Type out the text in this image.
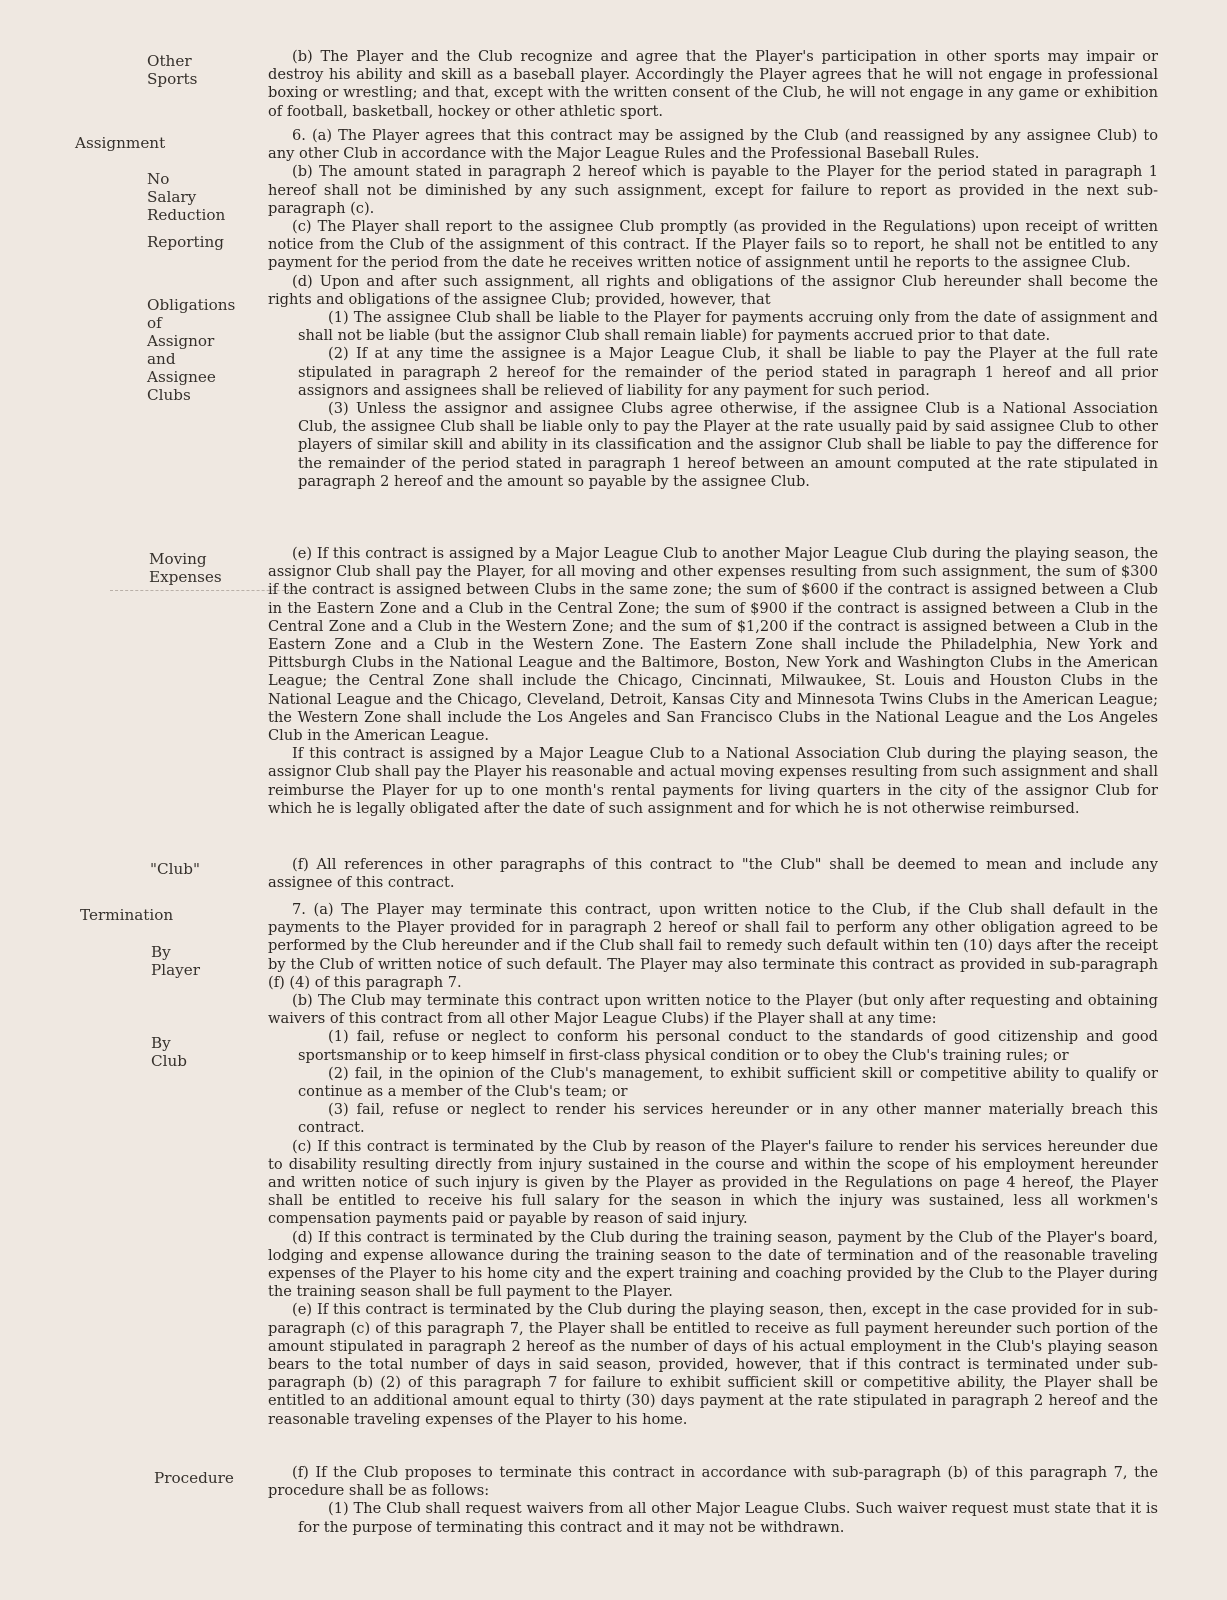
Other
Sports
Assignment
No
Salary
Reduction
Reporting
Obligations
of
Assignor
and
Assignee
Clubs
Moving
Expenses
"Club"
Termination
By
Player
By
Club
Procedure

(b) The Player and the Club recognize and agree that the Player's participation in other sports may impair or destroy his ability and skill as a baseball player. Accordingly the Player agrees that he will not engage in professional boxing or wrestling; and that, except with the written consent of the Club, he will not engage in any game or exhibition of football, basketball, hockey or other athletic sport.

6. (a) The Player agrees that this contract may be assigned by the Club (and reassigned by any assignee Club) to any other Club in accordance with the Major League Rules and the Professional Baseball Rules.

(b) The amount stated in paragraph 2 hereof which is payable to the Player for the period stated in paragraph 1 hereof shall not be diminished by any such assignment, except for failure to report as provided in the next sub-paragraph (c).

(c) The Player shall report to the assignee Club promptly (as provided in the Regulations) upon receipt of written notice from the Club of the assignment of this contract. If the Player fails so to report, he shall not be entitled to any payment for the period from the date he receives written notice of assignment until he reports to the assignee Club.

(d) Upon and after such assignment, all rights and obligations of the assignor Club hereunder shall become the rights and obligations of the assignee Club; provided, however, that

(1) The assignee Club shall be liable to the Player for payments accruing only from the date of assignment and shall not be liable (but the assignor Club shall remain liable) for payments accrued prior to that date.

(2) If at any time the assignee is a Major League Club, it shall be liable to pay the Player at the full rate stipulated in paragraph 2 hereof for the remainder of the period stated in paragraph 1 hereof and all prior assignors and assignees shall be relieved of liability for any payment for such period.

(3) Unless the assignor and assignee Clubs agree otherwise, if the assignee Club is a National Association Club, the assignee Club shall be liable only to pay the Player at the rate usually paid by said assignee Club to other players of similar skill and ability in its classification and the assignor Club shall be liable to pay the difference for the remainder of the period stated in paragraph 1 hereof between an amount computed at the rate stipulated in paragraph 2 hereof and the amount so payable by the assignee Club.

(e) If this contract is assigned by a Major League Club to another Major League Club during the playing season, the assignor Club shall pay the Player, for all moving and other expenses resulting from such assignment, the sum of $300 if the contract is assigned between Clubs in the same zone; the sum of $600 if the contract is assigned between a Club in the Eastern Zone and a Club in the Central Zone; the sum of $900 if the contract is assigned between a Club in the Central Zone and a Club in the Western Zone; and the sum of $1,200 if the contract is assigned between a Club in the Eastern Zone and a Club in the Western Zone. The Eastern Zone shall include the Philadelphia, New York and Pittsburgh Clubs in the National League and the Baltimore, Boston, New York and Washington Clubs in the American League; the Central Zone shall include the Chicago, Cincinnati, Milwaukee, St. Louis and Houston Clubs in the National League and the Chicago, Cleveland, Detroit, Kansas City and Minnesota Twins Clubs in the American League; the Western Zone shall include the Los Angeles and San Francisco Clubs in the National League and the Los Angeles Club in the American League.

If this contract is assigned by a Major League Club to a National Association Club during the playing season, the assignor Club shall pay the Player his reasonable and actual moving expenses resulting from such assignment and shall reimburse the Player for up to one month's rental payments for living quarters in the city of the assignor Club for which he is legally obligated after the date of such assignment and for which he is not otherwise reimbursed.

(f) All references in other paragraphs of this contract to "the Club" shall be deemed to mean and include any assignee of this contract.

7. (a) The Player may terminate this contract, upon written notice to the Club, if the Club shall default in the payments to the Player provided for in paragraph 2 hereof or shall fail to perform any other obligation agreed to be performed by the Club hereunder and if the Club shall fail to remedy such default within ten (10) days after the receipt by the Club of written notice of such default. The Player may also terminate this contract as provided in sub-paragraph (f) (4) of this paragraph 7.

(b) The Club may terminate this contract upon written notice to the Player (but only after requesting and obtaining waivers of this contract from all other Major League Clubs) if the Player shall at any time:

(1) fail, refuse or neglect to conform his personal conduct to the standards of good citizenship and good sportsmanship or to keep himself in first-class physical condition or to obey the Club's training rules; or

(2) fail, in the opinion of the Club's management, to exhibit sufficient skill or competitive ability to qualify or continue as a member of the Club's team; or

(3) fail, refuse or neglect to render his services hereunder or in any other manner materially breach this contract.

(c) If this contract is terminated by the Club by reason of the Player's failure to render his services hereunder due to disability resulting directly from injury sustained in the course and within the scope of his employment hereunder and written notice of such injury is given by the Player as provided in the Regulations on page 4 hereof, the Player shall be entitled to receive his full salary for the season in which the injury was sustained, less all workmen's compensation payments paid or payable by reason of said injury.

(d) If this contract is terminated by the Club during the training season, payment by the Club of the Player's board, lodging and expense allowance during the training season to the date of termination and of the reasonable traveling expenses of the Player to his home city and the expert training and coaching provided by the Club to the Player during the training season shall be full payment to the Player.

(e) If this contract is terminated by the Club during the playing season, then, except in the case provided for in sub-paragraph (c) of this paragraph 7, the Player shall be entitled to receive as full payment hereunder such portion of the amount stipulated in paragraph 2 hereof as the number of days of his actual employment in the Club's playing season bears to the total number of days in said season, provided, however, that if this contract is terminated under sub-paragraph (b) (2) of this paragraph 7 for failure to exhibit sufficient skill or competitive ability, the Player shall be entitled to an additional amount equal to thirty (30) days payment at the rate stipulated in paragraph 2 hereof and the reasonable traveling expenses of the Player to his home.

(f) If the Club proposes to terminate this contract in accordance with sub-paragraph (b) of this paragraph 7, the procedure shall be as follows:

(1) The Club shall request waivers from all other Major League Clubs. Such waiver request must state that it is for the purpose of terminating this contract and it may not be withdrawn.
